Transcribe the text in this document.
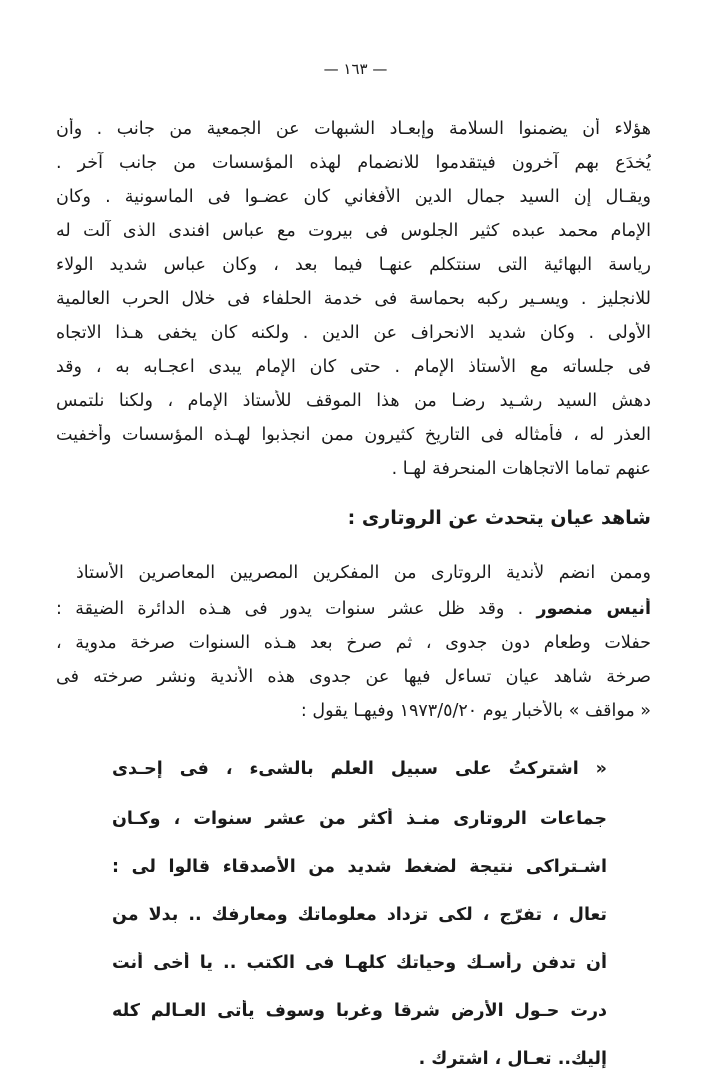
— ١٦٣ —
هؤلاء أن يضمنوا السلامة وإبعـاد الشبهات عن الجمعية من جانب . وأن
يُخدَع بهم آخرون فيتقدموا للانضمام لهذه المؤسسات من جانب آخر .
ويقـال إن السيد جمال الدين الأفغاني كان عضـوا فى الماسونية . وكان
الإمام محمد عبده كثير الجلوس فى بيروت مع عباس افندى الذى آلت له
رياسة البهائية التى سنتكلم عنهـا فيما بعد ، وكان عباس شديد الولاء
للانجليز . ويسـير ركبه بحماسة فى خدمة الحلفاء فى خلال الحرب العالمية
الأولى . وكان شديد الانحراف عن الدين . ولكنه كان يخفى هـذا الاتجاه
فى جلساته مع الأستاذ الإمام . حتى كان الإمام يبدى اعجـابه به ، وقد
دهش السيد رشـيد رضـا من هذا الموقف للأستاذ الإمام ، ولكنا نلتمس
العذر له ، فأمثاله فى التاريخ كثيرون ممن انجذبوا لهـذه المؤسسات وأخفيت
عنهم تماما الاتجاهات المنحرفة لهـا .
شاهد عيان يتحدث عن الروتارى :
وممن انضم لأندية الروتارى من المفكرين المصريين المعاصرين الأستاذ
أنيس منصور . وقد ظل عشر سنوات يدور فى هـذه الدائرة الضيقة :
حفلات وطعام دون جدوى ، ثم صرخ بعد هـذه السنوات صرخة مدوية ،
صرخة شاهد عيان تساءل فيها عن جدوى هذه الأندية ونشر صرخته فى
« مواقف » بالأخبار يوم ١٩٧٣/٥/٢٠ وفيهـا يقول :
« اشتركتُ على سبيل العلم بالشىء ، فى إحـدى
جماعات الروتارى منـذ أكثر من عشر سنوات ، وكـان
اشـتراكى نتيجة لضغط شديد من الأصدقاء قالوا لى :
تعال ، تفرّج ، لكى تزداد معلوماتك ومعارفك .. بدلا من
أن تدفن رأسـك وحياتك كلهـا فى الكتب .. يا أخى أنت
درت حـول الأرض شرقا وغربا وسوف يأتى العـالم كله
إليك.. تعـال ، اشترك .
